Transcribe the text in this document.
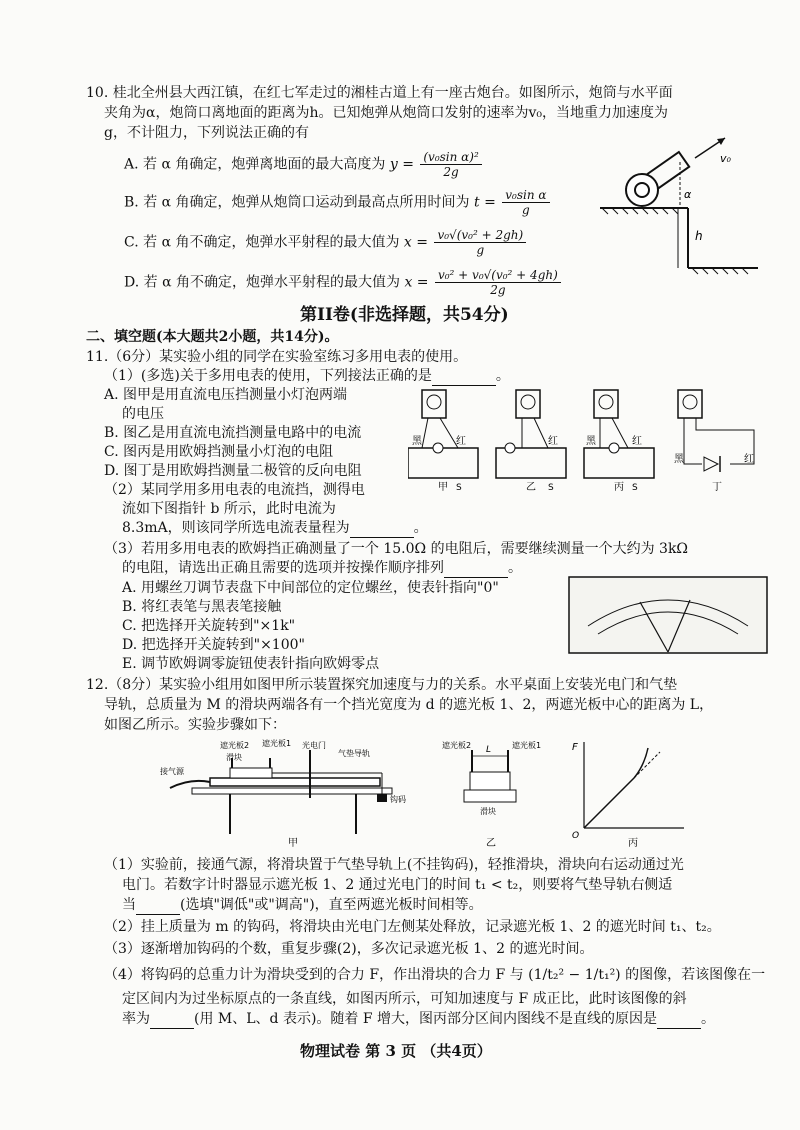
10. 桂北全州县大西江镇，在红七军走过的湘桂古道上有一座古炮台。如图所示，炮筒与水平面
夹角为α，炮筒口离地面的距离为h。已知炮弹从炮筒口发射的速率为v₀，当地重力加速度为
g，不计阻力，下列说法正确的有
A. 若 α 角确定，炮弹离地面的最大高度为 $y = \frac{\text{(v₀sin α)²}}{2g}$
B. 若 α 角确定，炮弹从炮筒口运动到最高点所用时间为 $t = \frac{\text{v₀sin α}}{g}$
C. 若 α 角不确定，炮弹水平射程的最大值为 $x = \frac{\text{v₀√(v₀² + 2gh)}}{g}$
D. 若 α 角不确定，炮弹水平射程的最大值为 $x = \frac{\text{v₀² + v₀√(v₀² + 4gh)}}{2g}$
v₀
α
h
第II卷(非选择题，共54分)
二、填空题(本大题共2小题，共14分)。
11.（6分）某实验小组的同学在实验室练习多用电表的使用。
（1）(多选)关于多用电表的使用，下列接法正确的是	。
A. 图甲是用直流电压挡测量小灯泡两端
的电压
B. 图乙是用直流电流挡测量电路中的电流
C. 图丙是用欧姆挡测量小灯泡的电阻
D. 图丁是用欧姆挡测量二极管的反向电阻
（2）某同学用多用电表的电流挡，测得电
流如下图指针 b 所示，此时电流为
8.3mA，则该同学所选电流表量程为	。
（3）若用多用电表的欧姆挡正确测量了一个 15.0Ω 的电阻后，需要继续测量一个大约为 3kΩ
的电阻，请选出正确且需要的选项并按操作顺序排列	。
A. 用螺丝刀调节表盘下中间部位的定位螺丝，使表针指向"0"
B. 将红表笔与黑表笔接触
C. 把选择开关旋转到"×1k"
D. 把选择开关旋转到"×100"
E. 调节欧姆调零旋钮使表针指向欧姆零点
黑	红
S
甲
红
S
乙
黑	红
S
丙
黑	红
丁
12.（8分）某实验小组用如图甲所示装置探究加速度与力的关系。水平桌面上安装光电门和气垫
导轨，总质量为 M 的滑块两端各有一个挡光宽度为 d 的遮光板 1、2，两遮光板中心的距离为 L，
如图乙所示。实验步骤如下：
遮光板2 遮光板1
滑块
光电门
气垫导轨
接气源
钩码
甲
L
遮光板2	遮光板1
滑块
乙
F
O
丙
（1）实验前，接通气源，将滑块置于气垫导轨上(不挂钩码)，轻推滑块，滑块向右运动通过光
电门。若数字计时器显示遮光板 1、2 通过光电门的时间 t₁ < t₂，则要将气垫导轨右侧适
当	(选填"调低"或"调高")，直至两遮光板时间相等。
（2）挂上质量为 m 的钩码，将滑块由光电门左侧某处释放，记录遮光板 1、2 的遮光时间 t₁、t₂。
（3）逐渐增加钩码的个数，重复步骤(2)，多次记录遮光板 1、2 的遮光时间。
（4）将钩码的总重力计为滑块受到的合力 F，作出滑块的合力 F 与 (1/t₂² − 1/t₁²) 的图像，若该图像在一
定区间内为过坐标原点的一条直线，如图丙所示，可知加速度与 F 成正比，此时该图像的斜
率为	(用 M、L、d 表示)。随着 F 增大，图丙部分区间内图线不是直线的原因是	。
物理试卷 第 3 页 （共4页）
